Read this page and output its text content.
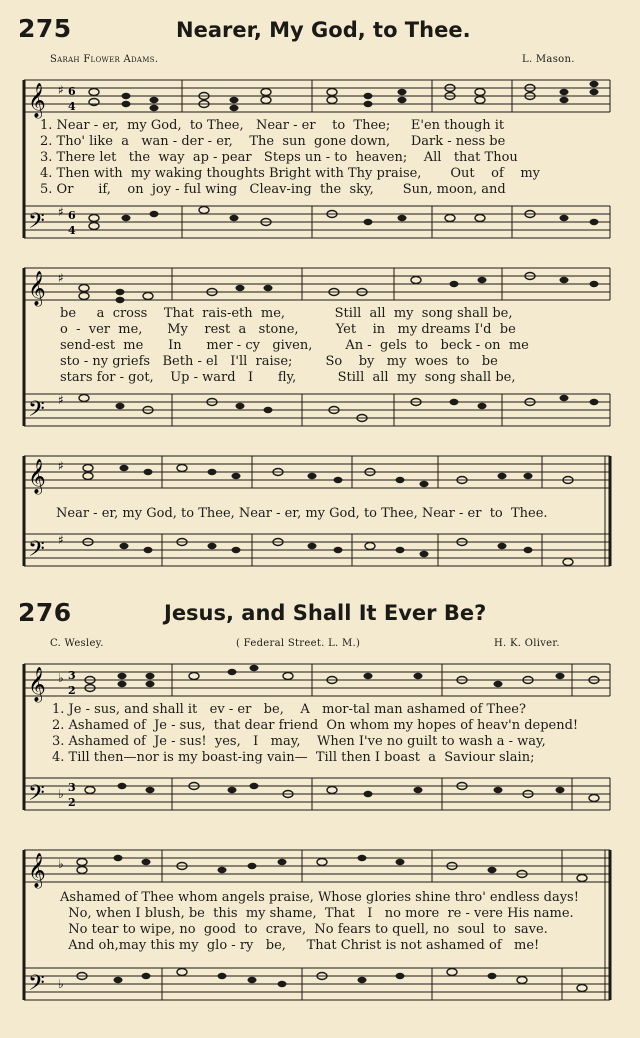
275	Nearer, My God, to Thee.
Sarah Flower Adams.	L. Mason.
𝄞 ♯ 6
4
𝄢 ♯ 6
4
1. Near - er,  my God,  to Thee,   Near - er    to  Thee;     E'en though it
2. Tho' like  a   wan - der - er,    The  sun  gone down,     Dark - ness be
3. There let   the  way  ap - pear   Steps un - to  heaven;    All   that Thou
4. Then with  my waking thoughts Bright with Thy praise,       Out    of    my
5. Or      if,    on  joy - ful wing   Cleav-ing  the  sky,       Sun, moon, and
𝄞 ♯
𝄢 ♯
be     a  cross    That  rais-eth  me,            Still  all  my  song shall be,
o  -  ver  me,      My    rest  a   stone,         Yet    in   my dreams I'd  be
send-est  me      In      mer - cy   given,        An -  gels  to   beck - on  me
sto - ny griefs   Beth - el   I'll  raise;        So    by   my  woes  to   be
stars for - got,    Up - ward   I      fly,          Still  all  my  song shall be,
𝄞 ♯
𝄢 ♯
Near - er, my God, to Thee, Near - er, my God, to Thee, Near - er  to  Thee.
276	Jesus, and Shall It Ever Be?
C. Wesley.	( Federal Street. L. M.)	H. K. Oliver.
𝄞 ♭ 3
2
𝄢 ♭ 3
2
1. Je - sus, and shall it   ev - er   be,    A   mor-tal man ashamed of Thee?
2. Ashamed of  Je - sus,  that dear friend  On whom my hopes of heav'n depend!
3. Ashamed of  Je - sus!  yes,   I   may,    When I've no guilt to wash a - way,
4. Till then—nor is my boast-ing vain—  Till then I boast  a  Saviour slain;
𝄞 ♭
𝄢 ♭
Ashamed of Thee whom angels praise, Whose glories shine thro' endless days!
No, when I blush, be  this  my shame,  That   I   no more  re - vere His name.
No tear to wipe, no  good  to  crave,  No fears to quell, no  soul  to  save.
And oh,may this my  glo - ry   be,     That Christ is not ashamed of   me!
